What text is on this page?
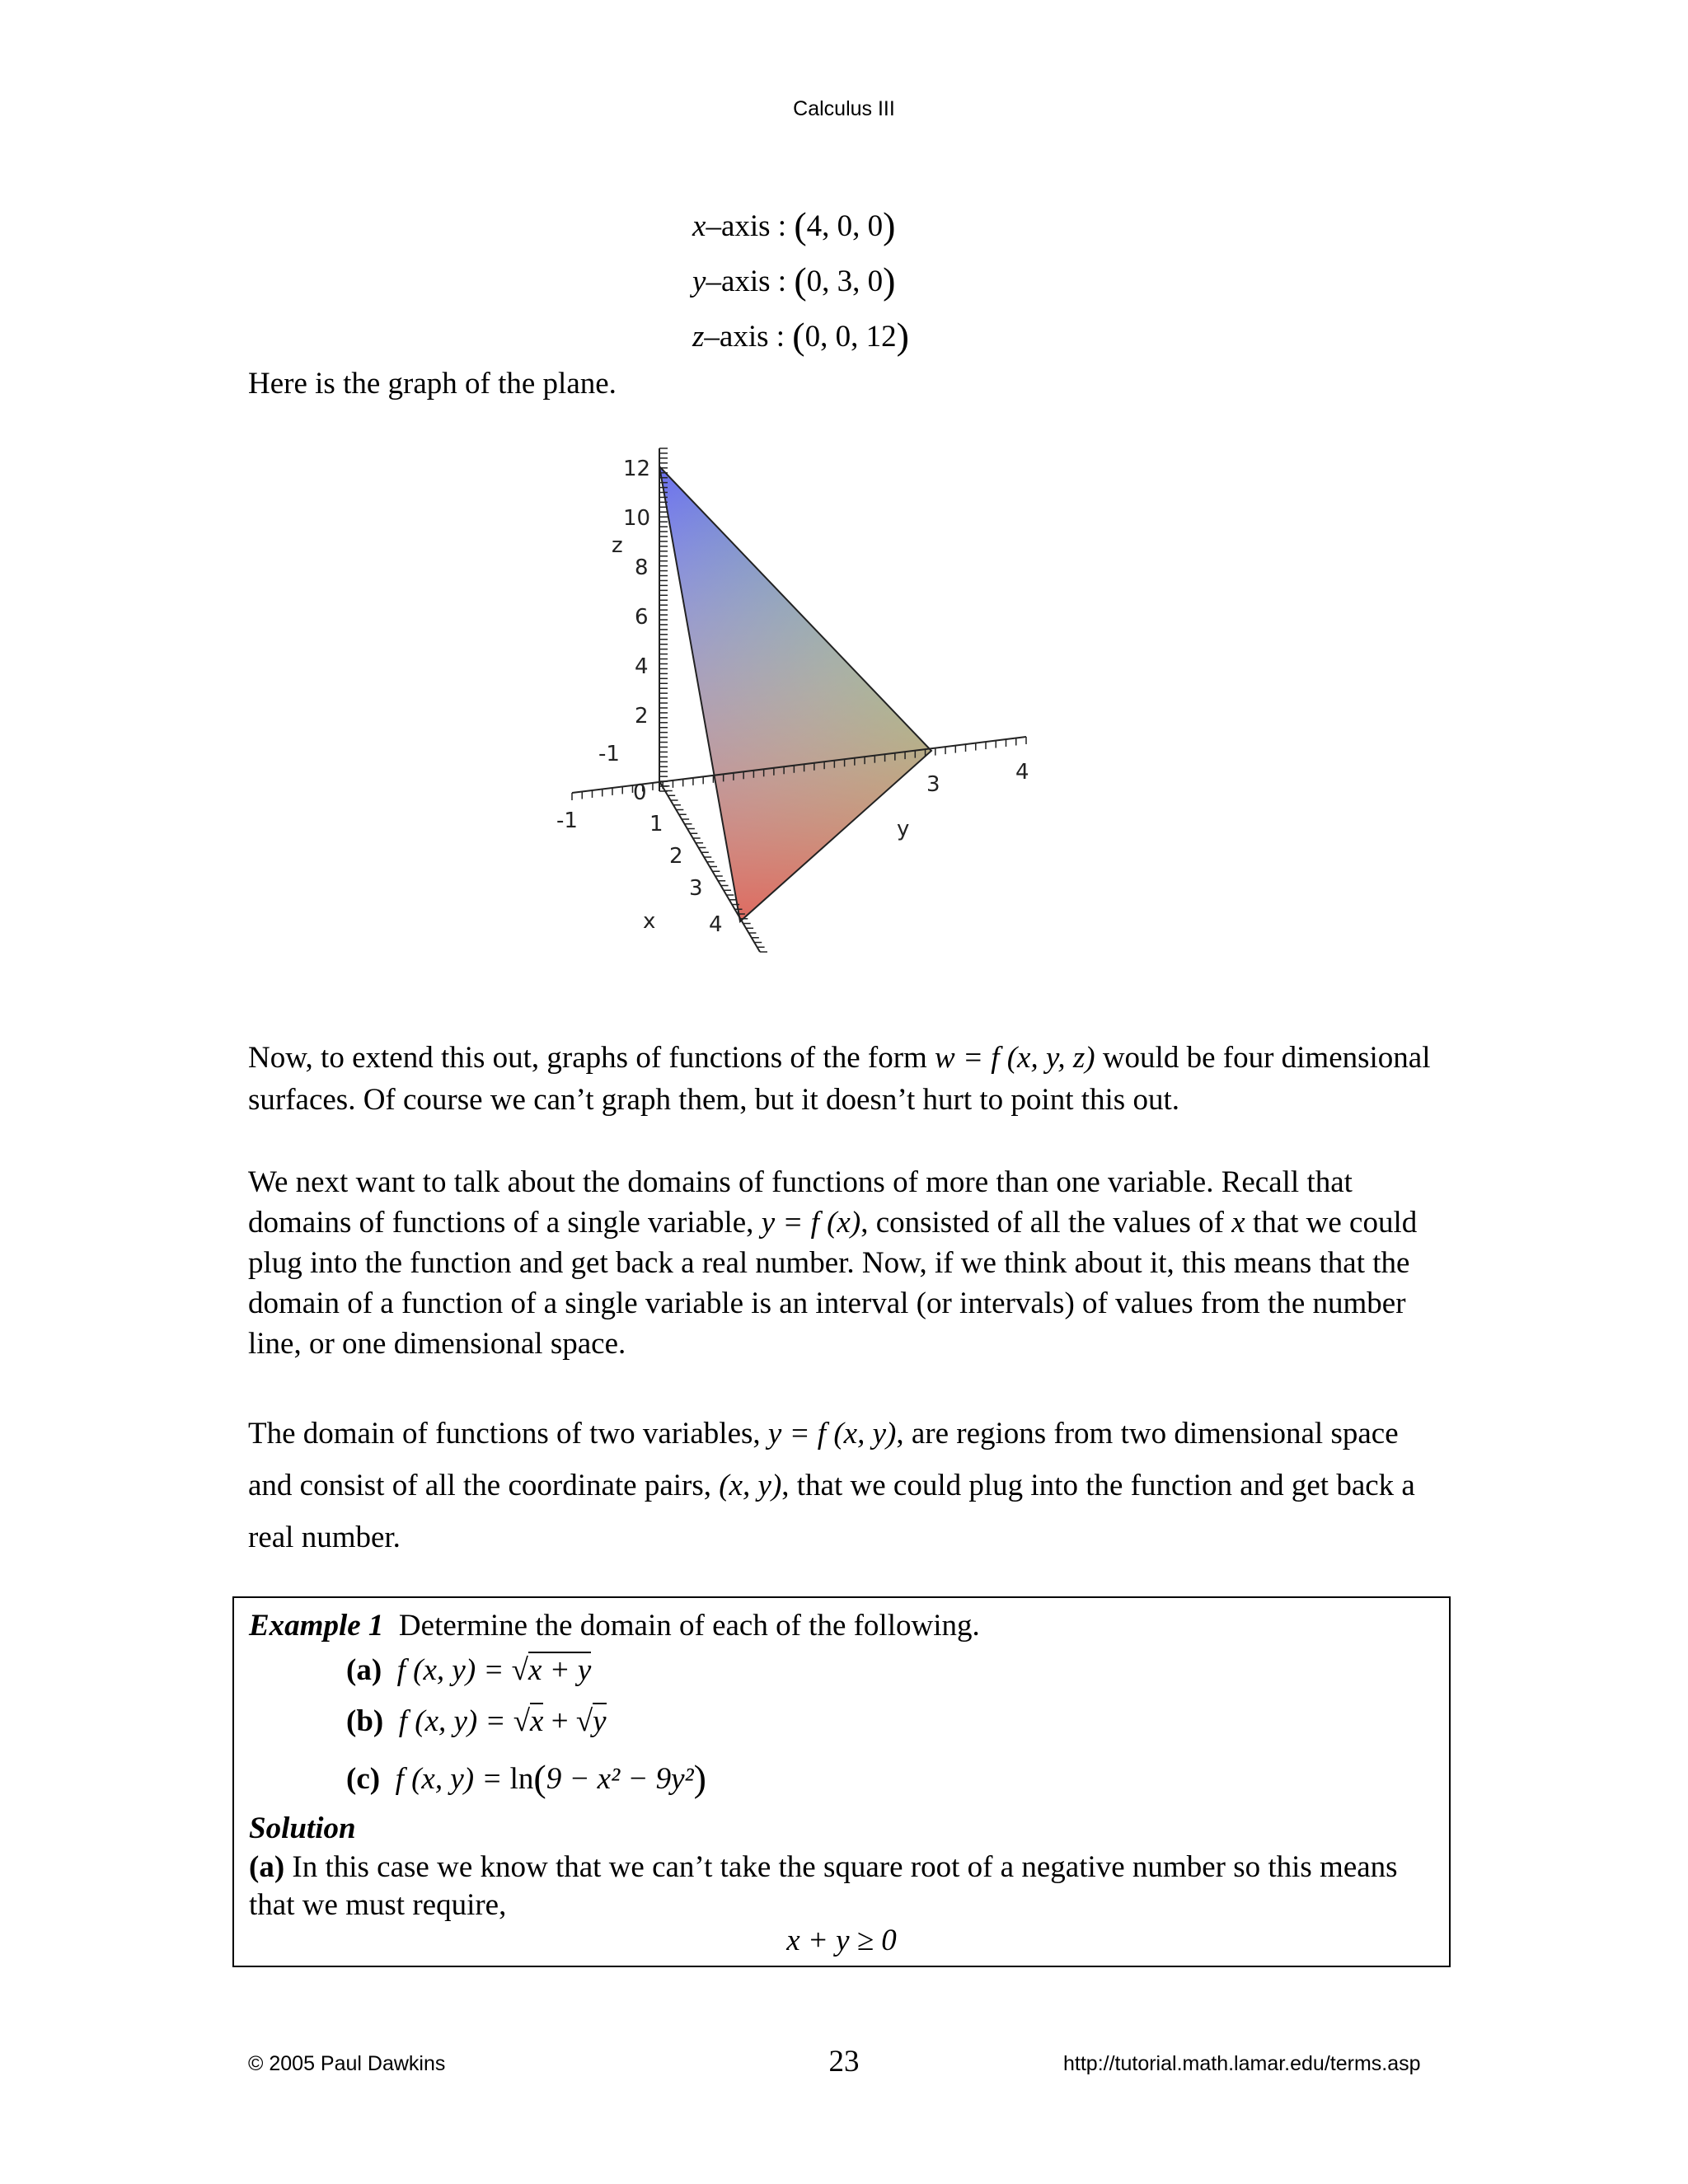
Calculus III
x–axis : (4, 0, 0)
y–axis : (0, 3, 0)
z–axis : (0, 0, 12)
Here is the graph of the plane.
z
x
y
12
10
8
6
4
2
-1
0
-1	1
2
3
4
3	4
Now, to extend this out, graphs of functions of the form w = f (x, y, z) would be four dimensional surfaces. Of course we can’t graph them, but it doesn’t hurt to point this out.
We next want to talk about the domains of functions of more than one variable. Recall that domains of functions of a single variable, y = f (x), consisted of all the values of x that we could plug into the function and get back a real number. Now, if we think about it, this means that the domain of a function of a single variable is an interval (or intervals) of values from the number line, or one dimensional space.
The domain of functions of two variables, y = f (x, y), are regions from two dimensional space and consist of all the coordinate pairs, (x, y), that we could plug into the function and get back a real number.
Example 1 Determine the domain of each of the following.
(a) f (x, y) = √x + y
(b) f (x, y) = √x + √y
(c) f (x, y) = ln(9 − x² − 9y²)
Solution
(a) In this case we know that we can’t take the square root of a negative number so this means that we must require,
x + y ≥ 0
© 2005 Paul Dawkins	23	http://tutorial.math.lamar.edu/terms.asp
